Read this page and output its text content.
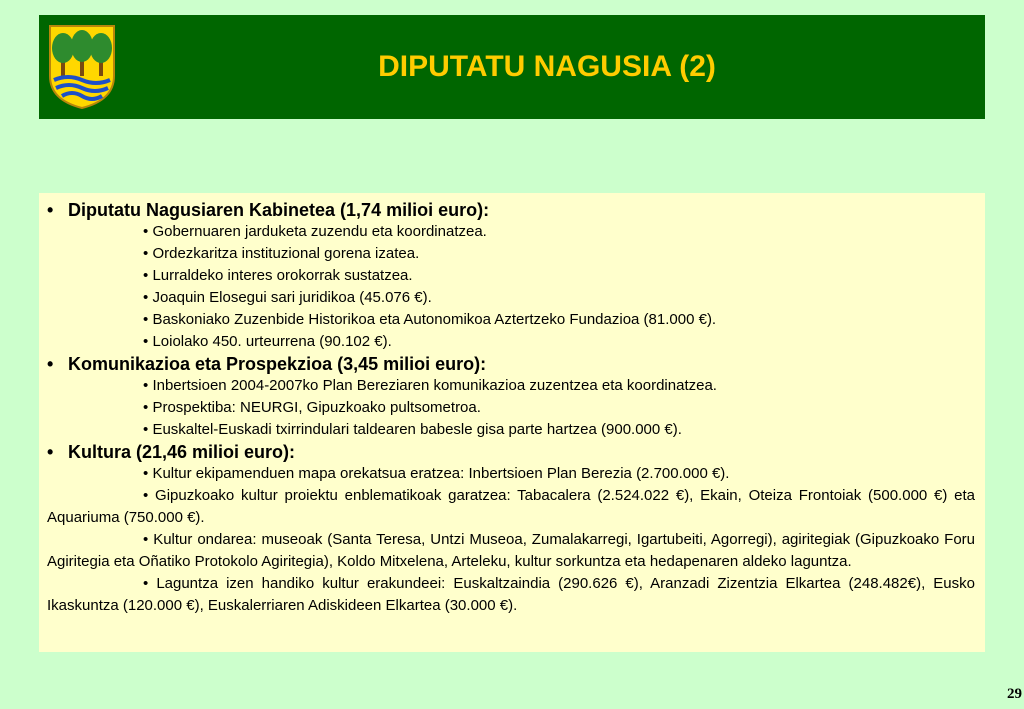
DIPUTATU NAGUSIA (2)
• Diputatu Nagusiaren Kabinetea (1,74 milioi euro):
• Gobernuaren jarduketa zuzendu eta koordinatzea.
• Ordezkaritza instituzional gorena izatea.
• Lurraldeko interes orokorrak sustatzea.
• Joaquin Elosegui sari juridikoa (45.076 €).
• Baskoniako Zuzenbide Historikoa eta Autonomikoa Aztertzeko Fundazioa (81.000 €).
• Loiolako 450. urteurrena (90.102 €).
• Komunikazioa eta Prospekzioa (3,45 milioi euro):
• Inbertsioen 2004-2007ko Plan Bereziaren komunikazioa zuzentzea eta koordinatzea.
• Prospektiba: NEURGI, Gipuzkoako pultsometroa.
• Euskaltel-Euskadi txirrindulari taldearen babesle gisa parte hartzea (900.000 €).
• Kultura (21,46 milioi euro):
• Kultur ekipamenduen mapa orekatsua eratzea: Inbertsioen Plan Berezia (2.700.000 €).
• Gipuzkoako kultur proiektu enblematikoak garatzea: Tabacalera (2.524.022 €), Ekain, Oteiza Frontoiak (500.000 €) eta Aquariuma (750.000 €).
• Kultur ondarea: museoak (Santa Teresa, Untzi Museoa, Zumalakarregi, Igartubeiti, Agorregi), agiritegiak (Gipuzkoako Foru Agiritegia eta Oñatiko Protokolo Agiritegia), Koldo Mitxelena, Arteleku, kultur sorkuntza eta hedapenaren aldeko laguntza.
• Laguntza izen handiko kultur erakundeei: Euskaltzaindia (290.626 €), Aranzadi Zizentzia Elkartea (248.482€), Eusko Ikaskuntza (120.000 €), Euskalerriaren Adiskideen Elkartea (30.000 €).
29
